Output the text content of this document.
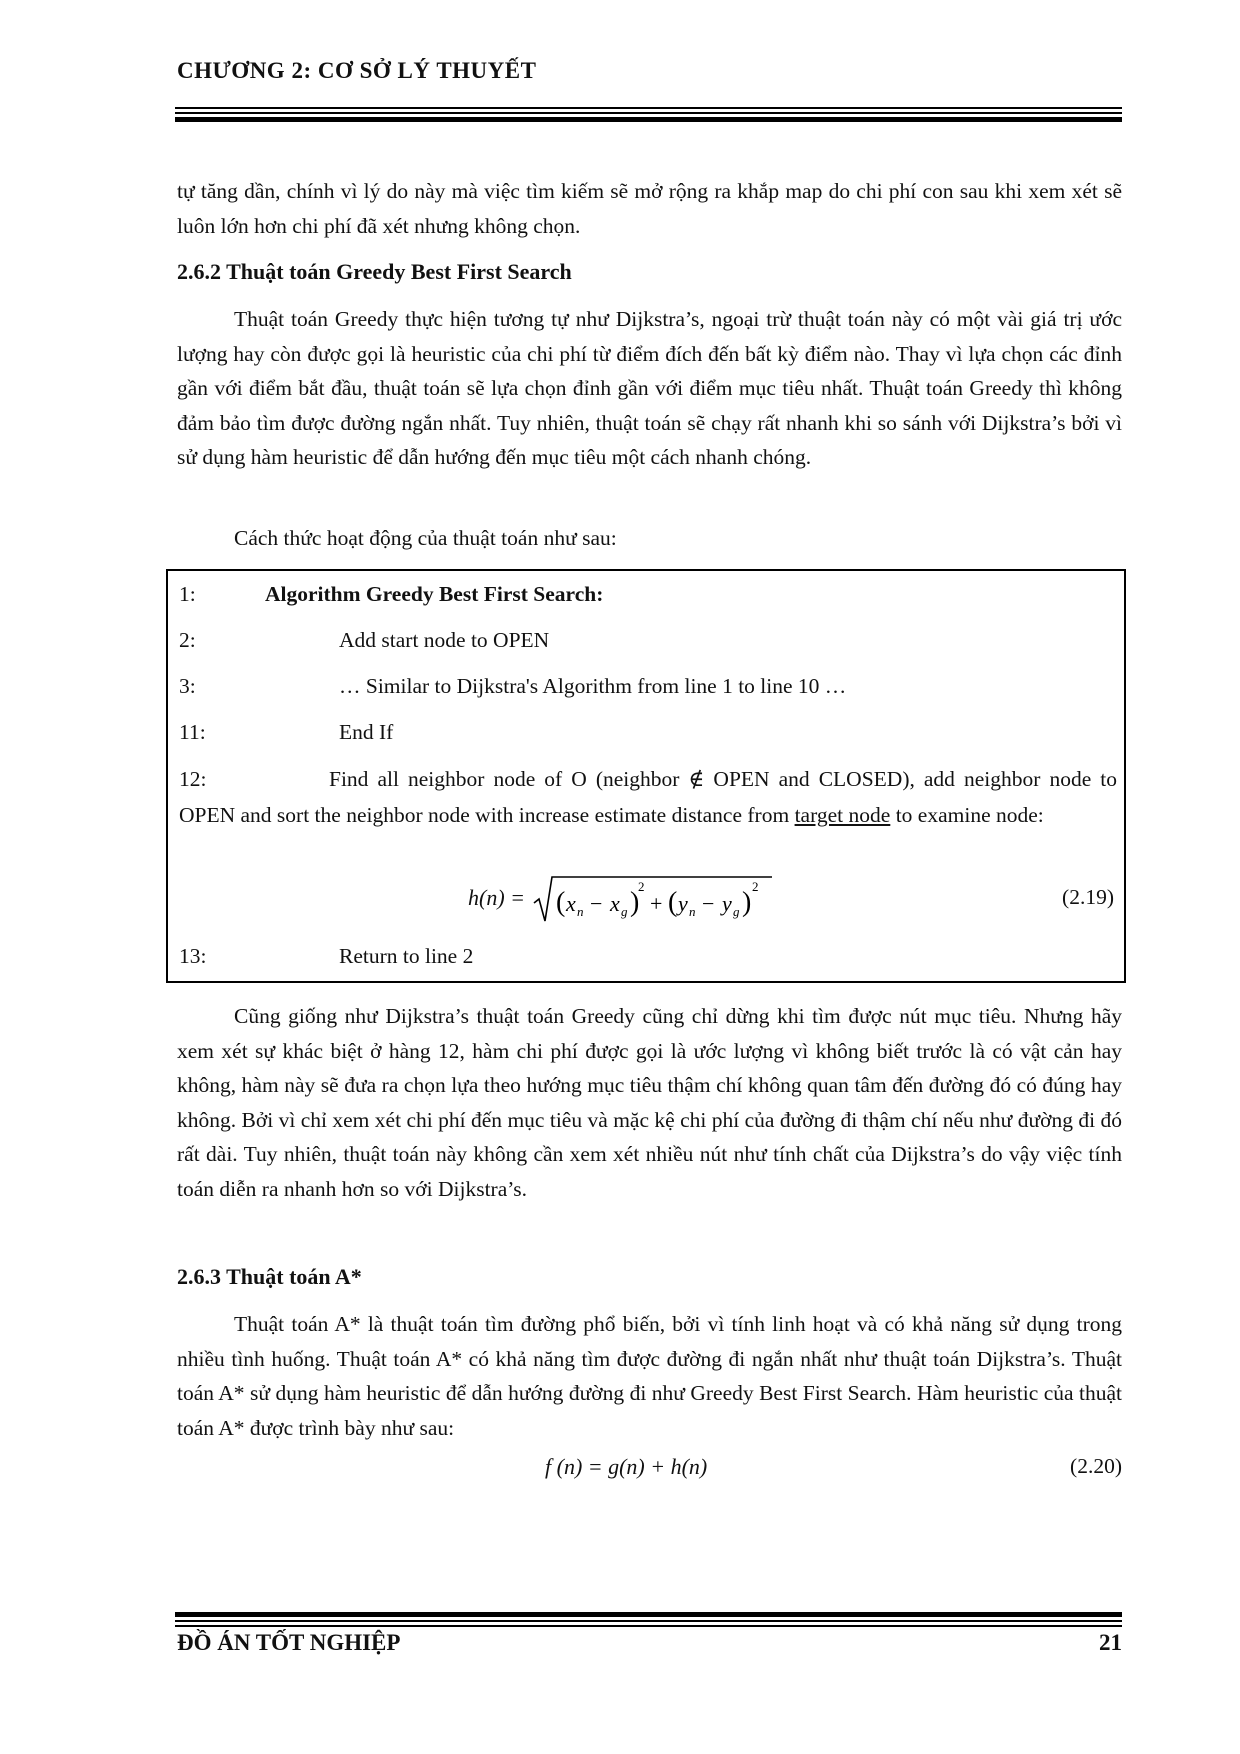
CHƯƠNG 2: CƠ SỞ LÝ THUYẾT

tự tăng dần, chính vì lý do này mà việc tìm kiếm sẽ mở rộng ra khắp map do chi phí con sau khi xem xét sẽ luôn lớn hơn chi phí đã xét nhưng không chọn.

2.6.2 Thuật toán Greedy Best First Search

Thuật toán Greedy thực hiện tương tự như Dijkstra’s, ngoại trừ thuật toán này có một vài giá trị ước lượng hay còn được gọi là heuristic của chi phí từ điểm đích đến bất kỳ điểm nào. Thay vì lựa chọn các đỉnh gần với điểm bắt đầu, thuật toán sẽ lựa chọn đỉnh gần với điểm mục tiêu nhất. Thuật toán Greedy thì không đảm bảo tìm được đường ngắn nhất. Tuy nhiên, thuật toán sẽ chạy rất nhanh khi so sánh với Dijkstra’s bởi vì sử dụng hàm heuristic để dẫn hướng đến mục tiêu một cách nhanh chóng.

Cách thức hoạt động của thuật toán như sau:

1:	Algorithm Greedy Best First Search:
2:	Add start node to OPEN
3:	… Similar to Dijkstra's Algorithm from line 1 to line 10 …
11:	End If
12:	Find all neighbor node of O (neighbor ∉ OPEN and CLOSED), add neighbor node to OPEN and sort the neighbor node with increase estimate distance from target node to examine node:
h(n) = ( x n − x g )
2
+ ( y n − y g )
2	(2.19)
13:	Return to line 2

Cũng giống như Dijkstra’s thuật toán Greedy cũng chỉ dừng khi tìm được nút mục tiêu. Nhưng hãy xem xét sự khác biệt ở hàng 12, hàm chi phí được gọi là ước lượng vì không biết trước là có vật cản hay không, hàm này sẽ đưa ra chọn lựa theo hướng mục tiêu thậm chí không quan tâm đến đường đó có đúng hay không. Bởi vì chỉ xem xét chi phí đến mục tiêu và mặc kệ chi phí của đường đi thậm chí nếu như đường đi đó rất dài. Tuy nhiên, thuật toán này không cần xem xét nhiều nút như tính chất của Dijkstra’s do vậy việc tính toán diễn ra nhanh hơn so với Dijkstra’s.

2.6.3 Thuật toán A*

Thuật toán A* là thuật toán tìm đường phổ biến, bởi vì tính linh hoạt và có khả năng sử dụng trong nhiều tình huống. Thuật toán A* có khả năng tìm được đường đi ngắn nhất như thuật toán Dijkstra’s. Thuật toán A* sử dụng hàm heuristic để dẫn hướng đường đi như Greedy Best First Search. Hàm heuristic của thuật toán A* được trình bày như sau:

f (n) = g(n) + h(n)	(2.20)
ĐỒ ÁN TỐT NGHIỆP	21
